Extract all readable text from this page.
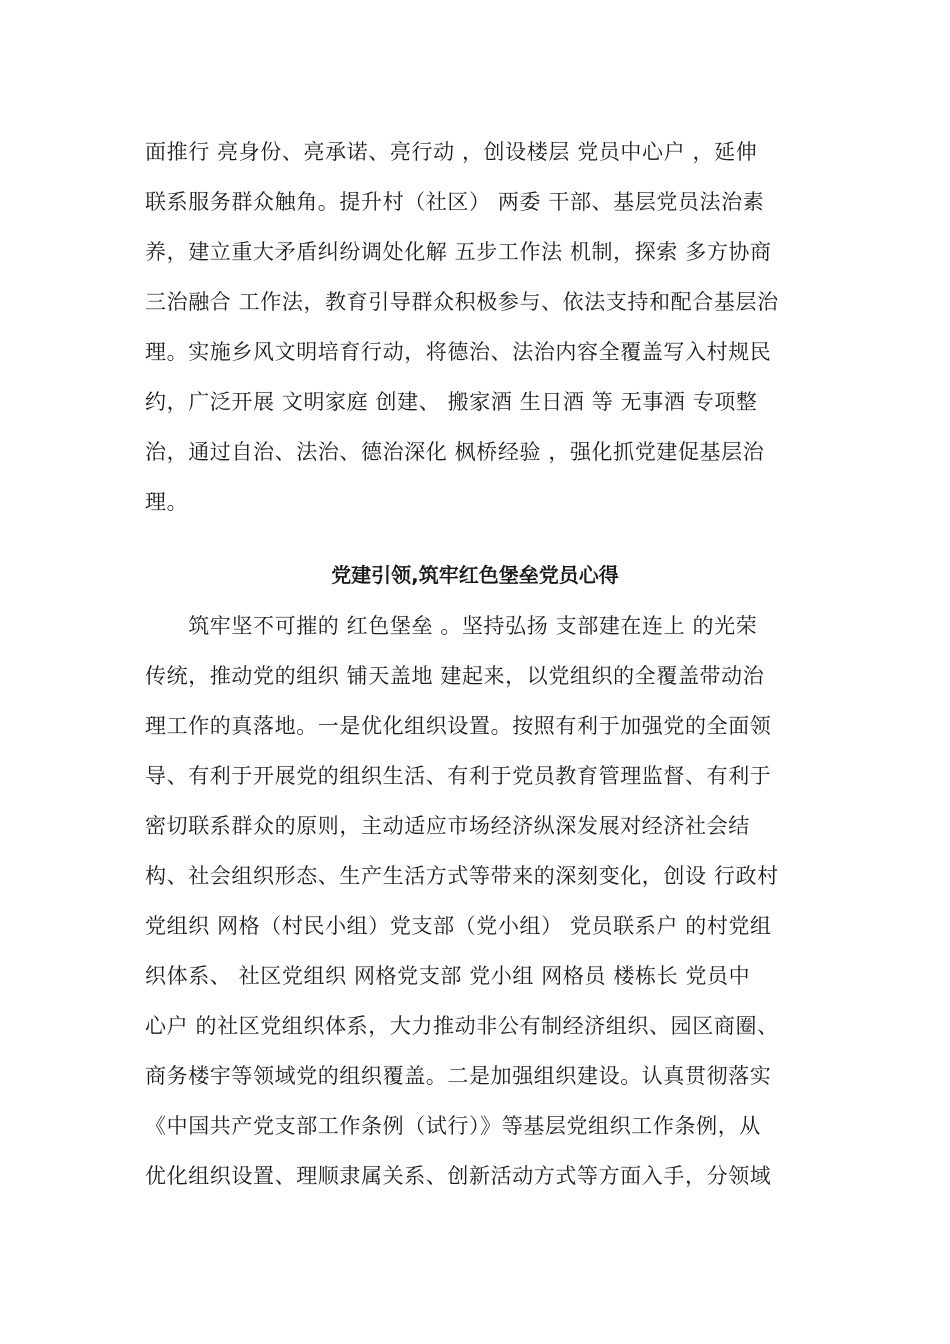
面推行 亮身份、亮承诺、亮行动 ，创设楼层 党员中心户 ，延伸
联系服务群众触角。提升村（社区） 两委 干部、基层党员法治素
养，建立重大矛盾纠纷调处化解 五步工作法 机制，探索 多方协商
三治融合 工作法，教育引导群众积极参与、依法支持和配合基层治
理。实施乡风文明培育行动，将德治、法治内容全覆盖写入村规民
约，广泛开展 文明家庭 创建、 搬家酒 生日酒 等 无事酒 专项整
治，通过自治、法治、德治深化 枫桥经验 ，强化抓党建促基层治
理。
党建引领,筑牢红色堡垒党员心得
　　筑牢坚不可摧的 红色堡垒 。坚持弘扬 支部建在连上 的光荣
传统，推动党的组织 铺天盖地 建起来，以党组织的全覆盖带动治
理工作的真落地。一是优化组织设置。按照有利于加强党的全面领
导、有利于开展党的组织生活、有利于党员教育管理监督、有利于
密切联系群众的原则，主动适应市场经济纵深发展对经济社会结
构、社会组织形态、生产生活方式等带来的深刻变化，创设 行政村
党组织 网格（村民小组）党支部（党小组） 党员联系户 的村党组
织体系、 社区党组织 网格党支部 党小组 网格员 楼栋长 党员中
心户 的社区党组织体系，大力推动非公有制经济组织、园区商圈、
商务楼宇等领域党的组织覆盖。二是加强组织建设。认真贯彻落实
《中国共产党支部工作条例（试行）》等基层党组织工作条例，从
优化组织设置、理顺隶属关系、创新活动方式等方面入手，分领域
